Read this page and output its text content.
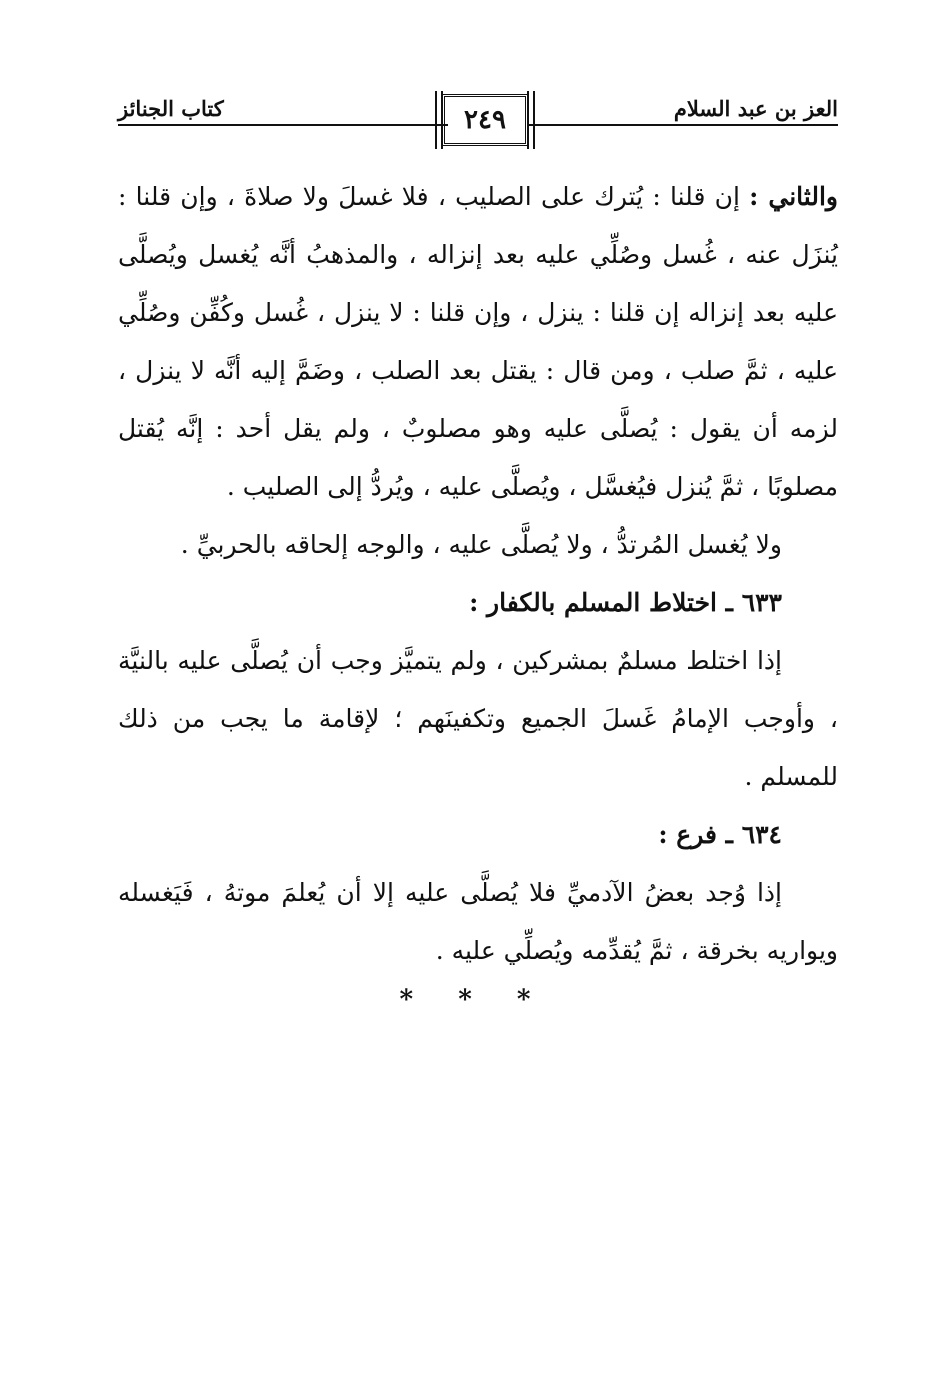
العز بن عبد السلام
٢٤٩
كتاب الجنائز

والثاني : إن قلنا : يُترك على الصليب ، فلا غسلَ ولا صلاةَ ، وإن قلنا : يُنزَل عنه ، غُسل وصُلِّي عليه بعد إنزاله ، والمذهبُ أنَّه يُغسل ويُصلَّى عليه بعد إنزاله إن قلنا : ينزل ، وإن قلنا : لا ينزل ، غُسل وكُفِّن وصُلِّي عليه ، ثمَّ صلب ، ومن قال : يقتل بعد الصلب ، وضَمَّ إليه أنَّه لا ينزل ، لزمه أن يقول : يُصلَّى عليه وهو مصلوبٌ ، ولم يقل أحد : إنَّه يُقتل مصلوبًا ، ثمَّ يُنزل فيُغسَّل ، ويُصلَّى عليه ، ويُردُّ إلى الصليب .

ولا يُغسل المُرتدُّ ، ولا يُصلَّى عليه ، والوجه إلحاقه بالحربيِّ .

٦٣٣ ـ اختلاط المسلم بالكفار :

إذا اختلط مسلمٌ بمشركين ، ولم يتميَّز وجب أن يُصلَّى عليه بالنيَّة ، وأوجب الإمامُ غَسلَ الجميع وتكفينَهم ؛ لإقامة ما يجب من ذلك للمسلم .

٦٣٤ ـ فرع :

إذا وُجد بعضُ الآدميِّ فلا يُصلَّى عليه إلا أن يُعلمَ موتهُ ، فَيَغسله ويواريه بخرقة ، ثمَّ يُقدِّمه ويُصلِّي عليه .

* * *
